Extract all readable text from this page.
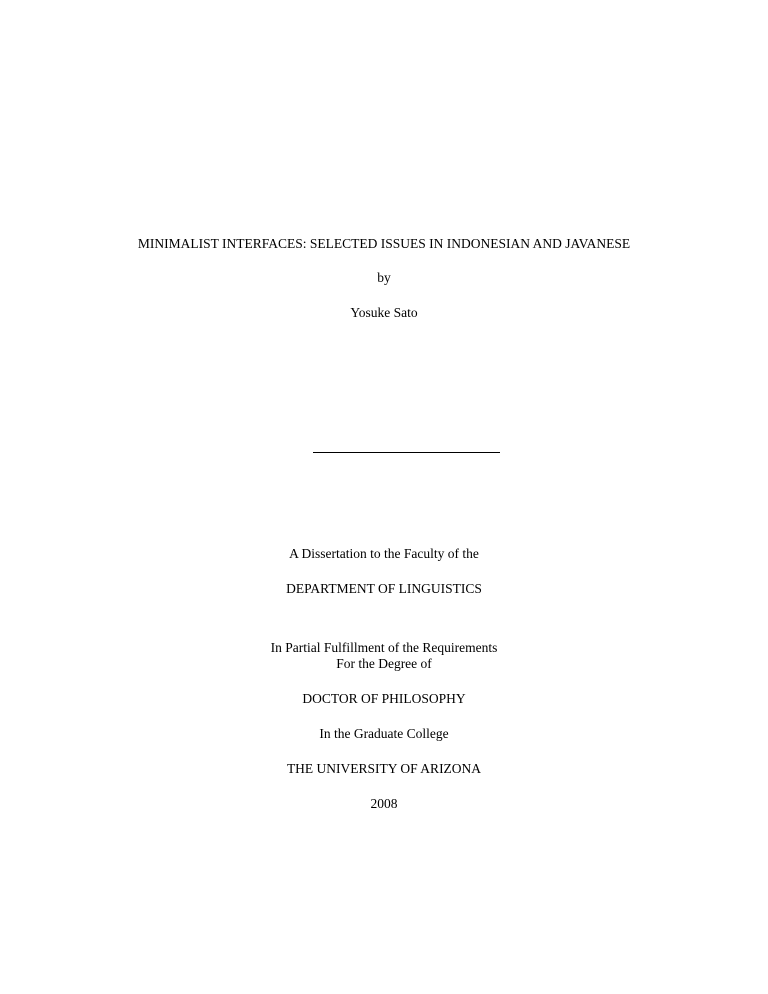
MINIMALIST INTERFACES: SELECTED ISSUES IN INDONESIAN AND JAVANESE
by
Yosuke Sato
A Dissertation to the Faculty of the
DEPARTMENT OF LINGUISTICS
In Partial Fulfillment of the Requirements
For the Degree of
DOCTOR OF PHILOSOPHY
In the Graduate College
THE UNIVERSITY OF ARIZONA
2008
